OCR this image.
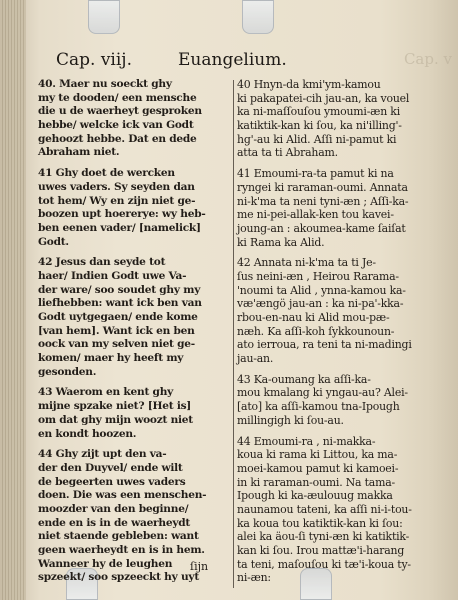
Cap. v
Cap. viij.	Euangelium.
40. Maer nu soeckt ghy
my te dooden/ een mensche
die u de waerheyt gesproken
hebbe/ welcke ick van Godt
gehoozt hebbe. Dat en dede
Abraham niet.
41 Ghy doet de wercken
uwes vaders. Sy seyden dan
tot hem/ Wy en zijn niet ge-
boozen upt hoererye: wy heb-
ben eenen vader/ [namelick]
Godt.
42 Jesus dan seyde tot
haer/ Indien Godt uwe Va-
der ware/ soo soudet ghy my
liefhebben: want ick ben van
Godt uytgegaen/ ende kome
[van hem]. Want ick en ben
oock van my selven niet ge-
komen/ maer hy heeft my
gesonden.
43 Waerom en kent ghy
mijne spzake niet? [Het is]
om dat ghy mijn woozt niet
en kondt hoozen.
44 Ghy zijt upt den va-
der den Duyvel/ ende wilt
de begeerten uwes vaders
doen. Die was een menschen-
moozder van den beginne/
ende en is in de waerheydt
niet staende gebleben: want
geen waerheydt en is in hem.
Wanneer hy de leughen
spzeekt/ soo spzeeckt hy uyt
40 Hnyn-da kmi'ym-kamou
ki pakapatei-cih jau-an, ka vouel
ka ni-maſſouſou ymoumi-æn ki
katiktik-kan ki ſou, ka ni'illing'-
hg'-au ki Alid. Aſſi ni-pamut ki
atta ta ti Abraham.
41 Emoumi-ra-ta pamut ki na
ryngei ki raraman-oumi. Annata
ni-k'ma ta neni tyni-æn ; Aſſi-ka-
me ni-pei-allak-ken tou kavei-
joung-an : akoumea-kame ſaiſat
ki Rama ka Alid.
42 Annata ni-k'ma ta ti Je-
ſus neini-æn , Heirou Rarama-
'noumi ta Alid , ynna-kamou ka-
væ'ængö jau-an : ka ni-pa'-kka-
rbou-en-nau ki Alid mou-pæ-
næh. Ka aſſi-koh ſykkounoun-
ato ierroua, ra teni ta ni-madingi
jau-an.
43 Ka-oumang ka aſſi-ka-
mou kmalang ki yngau-au? Alei-
[ato] ka aſſi-kamou tna-Ipough
millingigh ki ſou-au.
44 Emoumi-ra , ni-makka-
koua ki rama ki Littou, ka ma-
moei-kamou pamut ki kamoei-
in ki raraman-oumi. Na tama-
Ipough ki ka-æulouug makka
naunamou tateni, ka aſſi ni-i-tou-
ka koua tou katiktik-kan ki ſou:
alei ka äou-ſi tyni-æn ki katiktik-
kan ki ſou. Irou mattæ'i-harang
ta teni, maſouſou ki tæ'i-koua ty-
ni-æn:
ſijn
